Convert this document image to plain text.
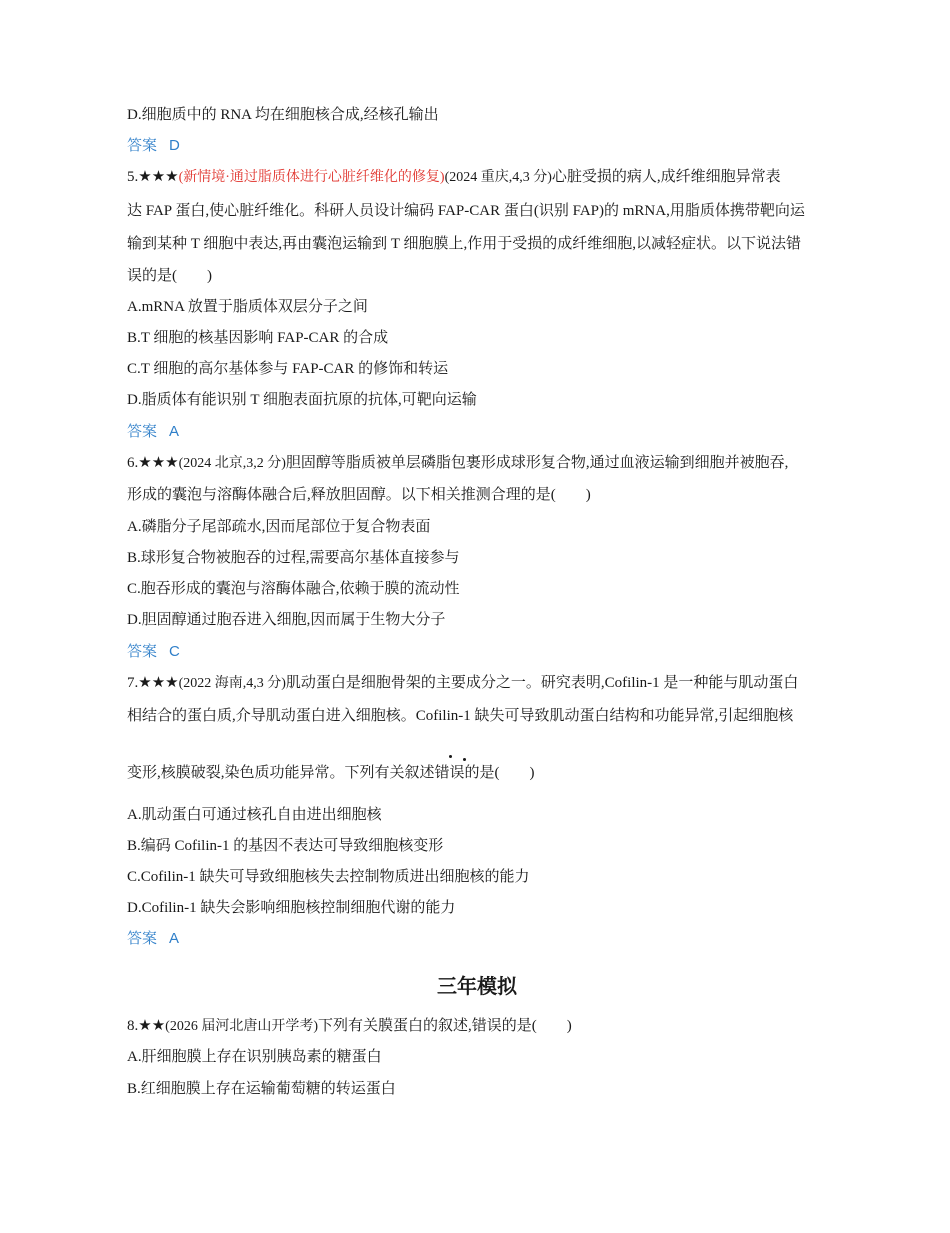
D.细胞质中的 RNA 均在细胞核合成,经核孔输出
答案 D
5.★★★(新情境·通过脂质体进行心脏纤维化的修复)(2024 重庆,4,3 分)心脏受损的病人,成纤维细胞异常表
达 FAP 蛋白,使心脏纤维化。科研人员设计编码 FAP-CAR 蛋白(识别 FAP)的 mRNA,用脂质体携带靶向运
输到某种 T 细胞中表达,再由囊泡运输到 T 细胞膜上,作用于受损的成纤维细胞,以减轻症状。以下说法错
误的是(　　)
A.mRNA 放置于脂质体双层分子之间
B.T 细胞的核基因影响 FAP-CAR 的合成
C.T 细胞的高尔基体参与 FAP-CAR 的修饰和转运
D.脂质体有能识别 T 细胞表面抗原的抗体,可靶向运输
答案 A
6.★★★(2024 北京,3,2 分)胆固醇等脂质被单层磷脂包裹形成球形复合物,通过血液运输到细胞并被胞吞,
形成的囊泡与溶酶体融合后,释放胆固醇。以下相关推测合理的是(　　)
A.磷脂分子尾部疏水,因而尾部位于复合物表面
B.球形复合物被胞吞的过程,需要高尔基体直接参与
C.胞吞形成的囊泡与溶酶体融合,依赖于膜的流动性
D.胆固醇通过胞吞进入细胞,因而属于生物大分子
答案 C
7.★★★(2022 海南,4,3 分)肌动蛋白是细胞骨架的主要成分之一。研究表明,Cofilin-1 是一种能与肌动蛋白
相结合的蛋白质,介导肌动蛋白进入细胞核。Cofilin-1 缺失可导致肌动蛋白结构和功能异常,引起细胞核
变形,核膜破裂,染色质功能异常。下列有关叙述错误的是(　　)
A.肌动蛋白可通过核孔自由进出细胞核
B.编码 Cofilin-1 的基因不表达可导致细胞核变形
C.Cofilin-1 缺失可导致细胞核失去控制物质进出细胞核的能力
D.Cofilin-1 缺失会影响细胞核控制细胞代谢的能力
答案 A
三年模拟
8.★★(2026 届河北唐山开学考)下列有关膜蛋白的叙述,错误的是(　　)
A.肝细胞膜上存在识别胰岛素的糖蛋白
B.红细胞膜上存在运输葡萄糖的转运蛋白
